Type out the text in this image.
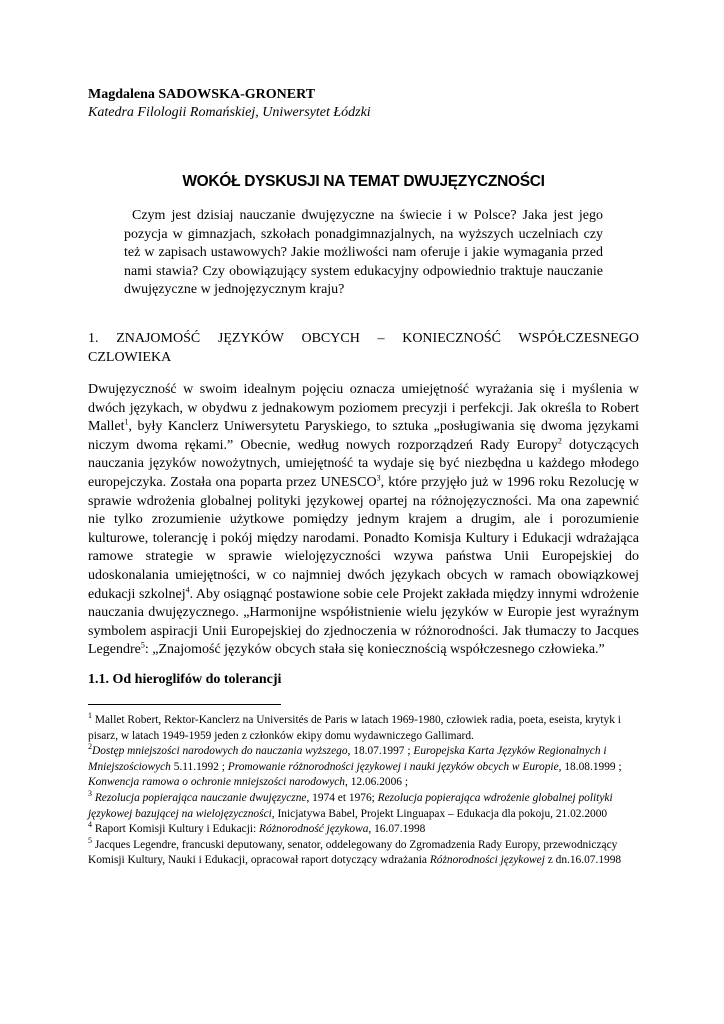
Magdalena SADOWSKA-GRONERT
Katedra Filologii Romańskiej, Uniwersytet Łódzki
WOKÓŁ DYSKUSJI NA TEMAT DWUJĘZYCZNOŚCI
Czym jest dzisiaj nauczanie dwujęzyczne na świecie i w Polsce? Jaka jest jego pozycja w gimnazjach, szkołach ponadgimnazjalnych, na wyższych uczelniach czy też w zapisach ustawowych? Jakie możliwości nam oferuje i jakie wymagania przed nami stawia? Czy obowiązujący system edukacyjny odpowiednio traktuje nauczanie dwujęzyczne w jednojęzycznym kraju?
1. ZNAJOMOŚĆ JĘZYKÓW OBCYCH – KONIECZNOŚĆ WSPÓŁCZESNEGO CZLOWIEKA
Dwujęzyczność w swoim idealnym pojęciu oznacza umiejętność wyrażania się i myślenia w dwóch językach, w obydwu z jednakowym poziomem precyzji i perfekcji. Jak określa to Robert Mallet$^1$, były Kanclerz Uniwersytetu Paryskiego, to sztuka „posługiwania się dwoma językami niczym dwoma rękami.” Obecnie, według nowych rozporządzeń Rady Europy$^2$ dotyczących nauczania języków nowożytnych, umiejętność ta wydaje się być niezbędna u każdego młodego europejczyka. Została ona poparta przez UNESCO$^3$, które przyjęło już w 1996 roku Rezolucję w sprawie wdrożenia globalnej polityki językowej opartej na różnojęzyczności. Ma ona zapewnić nie tylko zrozumienie użytkowe pomiędzy jednym krajem a drugim, ale i porozumienie kulturowe, tolerancję i pokój między narodami. Ponadto Komisja Kultury i Edukacji wdrażająca ramowe strategie w sprawie wielojęzyczności wzywa państwa Unii Europejskiej do udoskonalania umiejętności, w co najmniej dwóch językach obcych w ramach obowiązkowej edukacji szkolnej$^4$. Aby osiągnąć postawione sobie cele Projekt zakłada między innymi wdrożenie nauczania dwujęzycznego. „Harmonijne współistnienie wielu języków w Europie jest wyraźnym symbolem aspiracji Unii Europejskiej do zjednoczenia w różnorodności. Jak tłumaczy to Jacques Legendre$^5$: „Znajomość języków obcych stała się koniecznością współczesnego człowieka.”
1.1. Od hieroglifów do tolerancji

$^1$ Mallet Robert, Rektor-Kanclerz na Universités de Paris w latach 1969-1980, człowiek radia, poeta, eseista, krytyk i pisarz, w latach 1949-1959 jeden z członków ekipy domu wydawniczego Gallimard.

$^2$Dostęp mniejszości narodowych do nauczania wyższego, 18.07.1997 ; Europejska Karta Języków Regionalnych i Mniejszościowych 5.11.1992 ; Promowanie różnorodności językowej i nauki języków obcych w Europie, 18.08.1999 ; Konwencja ramowa o ochronie mniejszości narodowych, 12.06.2006 ;

$^3$ Rezolucja popierająca nauczanie dwujęzyczne, 1974 et 1976; Rezolucja popierająca wdrożenie globalnej polityki językowej bazującej na wielojęzyczności, Inicjatywa Babel, Projekt Linguapax – Edukacja dla pokoju, 21.02.2000

$^4$ Raport Komisji Kultury i Edukacji: Różnorodność językowa, 16.07.1998

$^5$ Jacques Legendre, francuski deputowany, senator, oddelegowany do Zgromadzenia Rady Europy, przewodniczący Komisji Kultury, Nauki i Edukacji, opracował raport dotyczący wdrażania Różnorodności językowej z dn.16.07.1998
